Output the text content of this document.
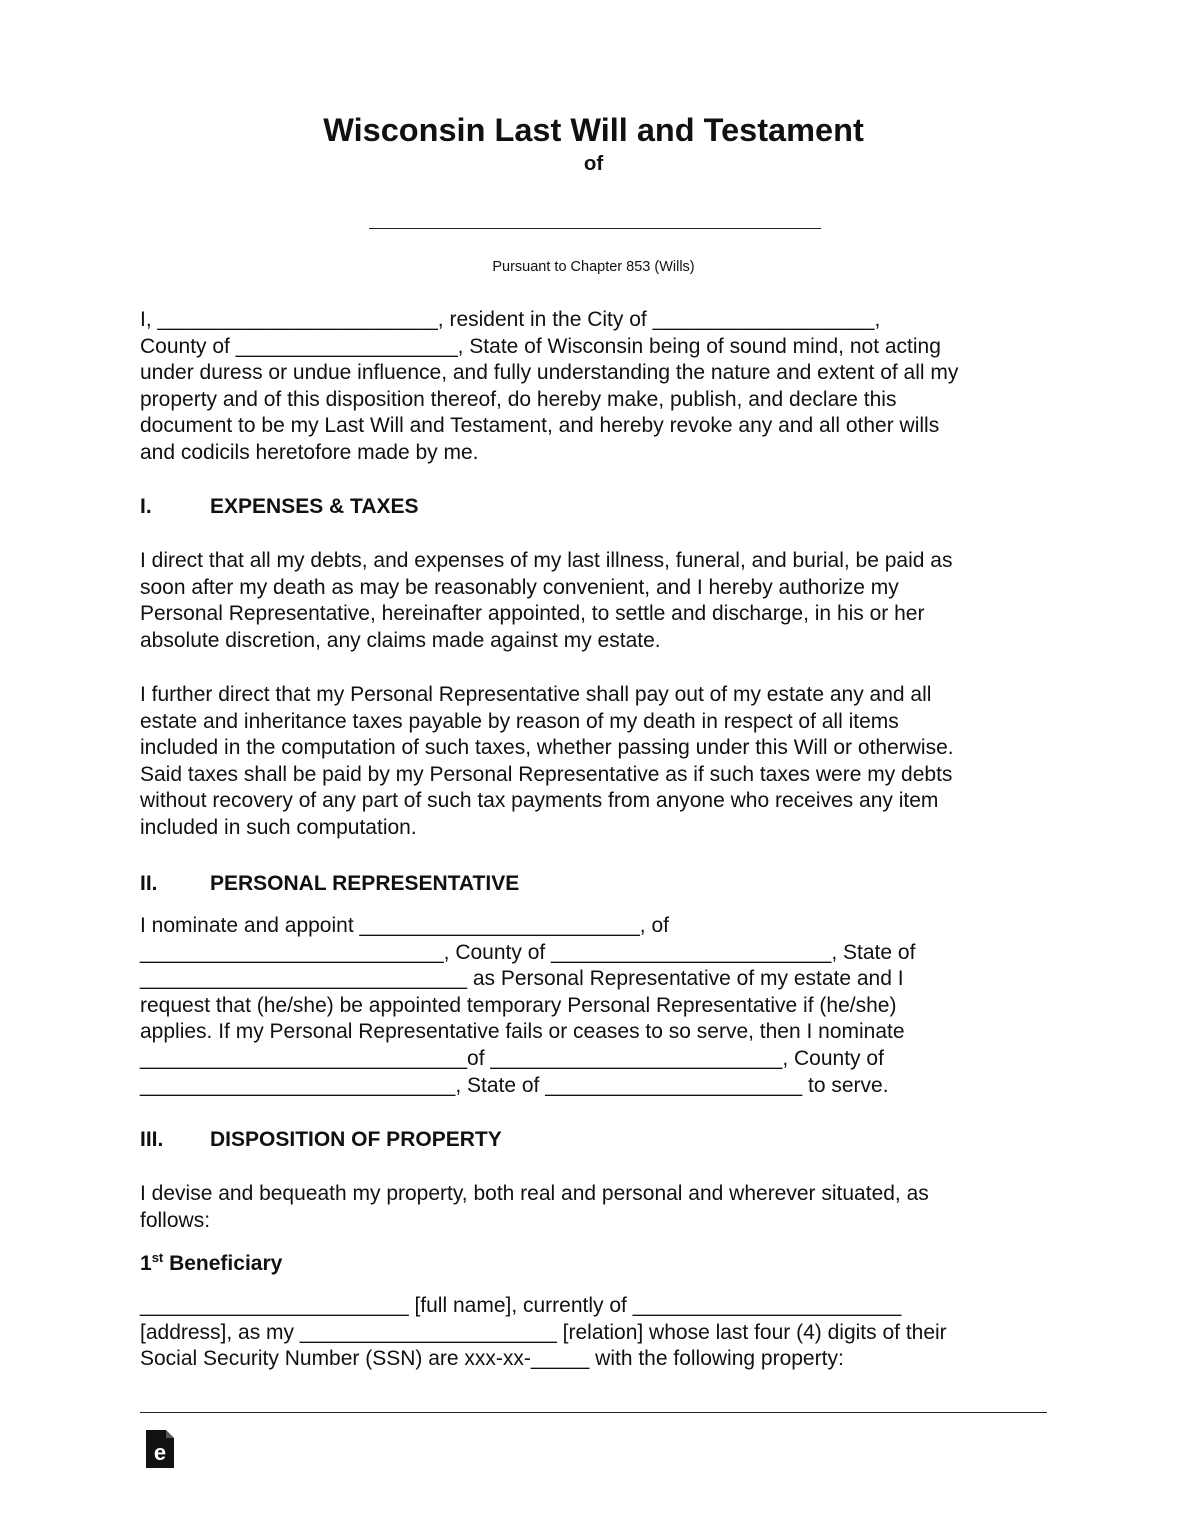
Wisconsin Last Will and Testament
of
Pursuant to Chapter 853 (Wills)
I, ________________________, resident in the City of ___________________,
County of ___________________, State of Wisconsin being of sound mind, not acting
under duress or undue influence, and fully understanding the nature and extent of all my
property and of this disposition thereof, do hereby make, publish, and declare this
document to be my Last Will and Testament, and hereby revoke any and all other wills
and codicils heretofore made by me.
I.	EXPENSES & TAXES
I direct that all my debts, and expenses of my last illness, funeral, and burial, be paid as
soon after my death as may be reasonably convenient, and I hereby authorize my
Personal Representative, hereinafter appointed, to settle and discharge, in his or her
absolute discretion, any claims made against my estate.
I further direct that my Personal Representative shall pay out of my estate any and all
estate and inheritance taxes payable by reason of my death in respect of all items
included in the computation of such taxes, whether passing under this Will or otherwise.
Said taxes shall be paid by my Personal Representative as if such taxes were my debts
without recovery of any part of such tax payments from anyone who receives any item
included in such computation.
II. PERSONAL REPRESENTATIVE
I nominate and appoint ________________________, of
__________________________, County of ________________________, State of
____________________________ as Personal Representative of my estate and I
request that (he/she) be appointed temporary Personal Representative if (he/she)
applies. If my Personal Representative fails or ceases to so serve, then I nominate
____________________________of _________________________, County of
___________________________, State of ______________________ to serve.
III. DISPOSITION OF PROPERTY
I devise and bequeath my property, both real and personal and wherever situated, as
follows:
1st Beneficiary
_______________________ [full name], currently of _______________________
[address], as my ______________________ [relation] whose last four (4) digits of their
Social Security Number (SSN) are xxx-xx-_____ with the following property:
e
